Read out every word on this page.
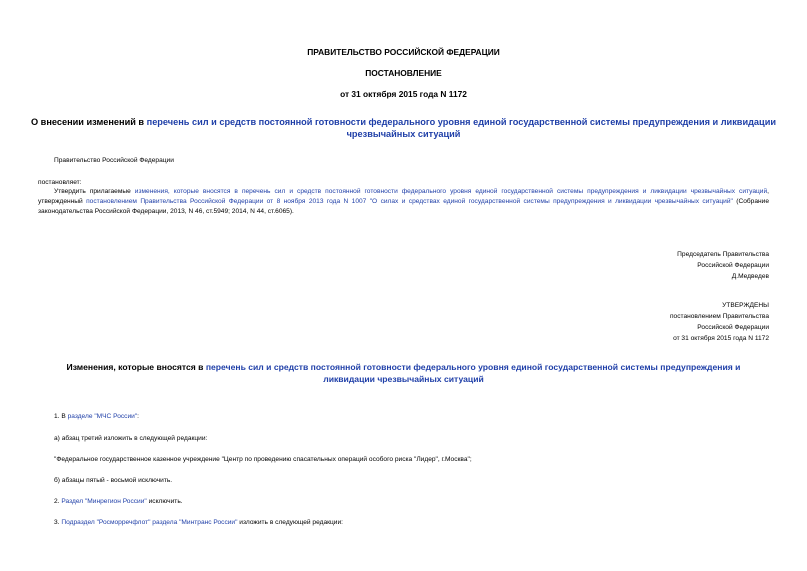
ПРАВИТЕЛЬСТВО РОССИЙСКОЙ ФЕДЕРАЦИИ
ПОСТАНОВЛЕНИЕ
от 31 октября 2015 года N 1172
О внесении изменений в перечень сил и средств постоянной готовности федерального уровня единой государственной системы предупреждения и ликвидации чрезвычайных ситуаций
Правительство Российской Федерации
постановляет:
Утвердить прилагаемые изменения, которые вносятся в перечень сил и средств постоянной готовности федерального уровня единой государственной системы предупреждения и ликвидации чрезвычайных ситуаций, утвержденный постановлением Правительства Российской Федерации от 8 ноября 2013 года N 1007 "О силах и средствах единой государственной системы предупреждения и ликвидации чрезвычайных ситуаций" (Собрание законодательства Российской Федерации, 2013, N 46, ст.5949; 2014, N 44, ст.6065).
Председатель Правительства
Российской Федерации
Д.Медведев
УТВЕРЖДЕНЫ
постановлением Правительства
Российской Федерации
от 31 октября 2015 года N 1172
Изменения, которые вносятся в перечень сил и средств постоянной готовности федерального уровня единой государственной системы предупреждения и ликвидации чрезвычайных ситуаций
1. В разделе "МЧС России":
а) абзац третий изложить в следующей редакции:
"Федеральное государственное казенное учреждение "Центр по проведению спасательных операций особого риска "Лидер", г.Москва";
б) абзацы пятый - восьмой исключить.
2. Раздел "Минрегион России" исключить.
3. Подраздел "Росморречфлот" раздела "Минтранс России" изложить в следующей редакции:
